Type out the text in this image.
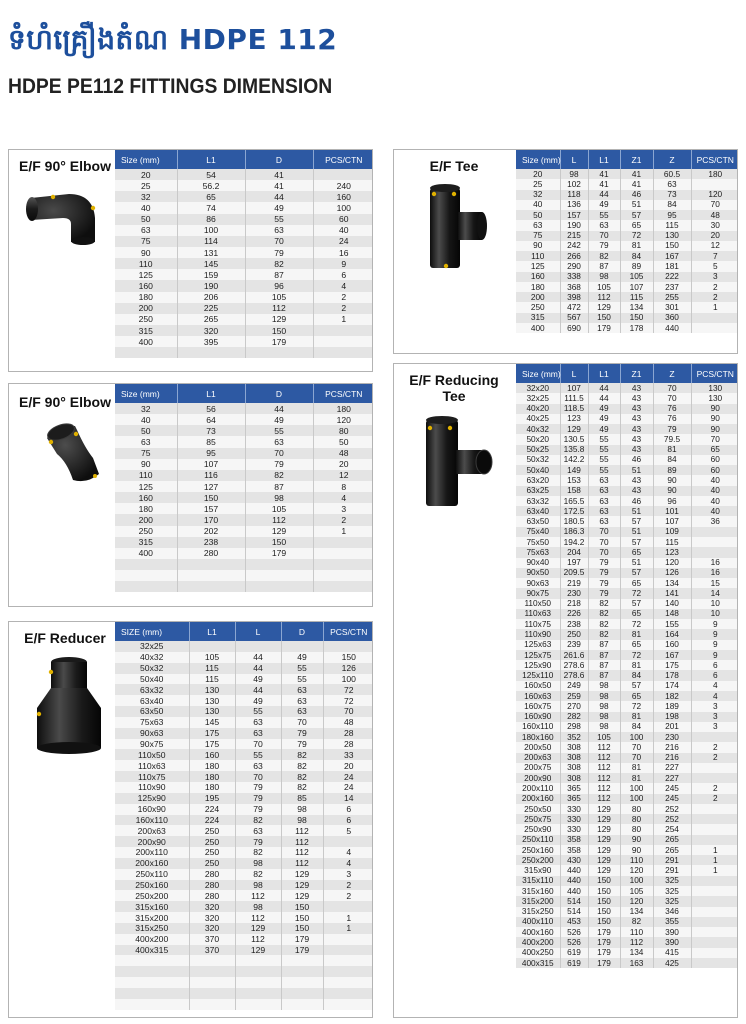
ទំហំគ្រឿងតំណ HDPE 112
HDPE PE112 FITTINGS DIMENSION
E/F 90° Elbow	Size (mm)	L1	D	PCS/CTN
20	54	41	
25	56.2	41	240
32	65	44	160
40	74	49	100
50	86	55	60
63	100	63	40
75	114	70	24
90	131	79	16
110	145	82	9
125	159	87	6
160	190	96	4
180	206	105	2
200	225	112	2
250	265	129	1
315	320	150	
400	395	179	

E/F 90° Elbow
Size (mm)	L1	D	PCS/CTN
32	56	44	180
40	64	49	120
50	73	55	80
63	85	63	50
75	95	70	48
90	107	79	20
110	116	82	12
125	127	87	8
160	150	98	4
180	157	105	3
200	170	112	2
250	202	129	1
315	238	150	
400	280	179	

E/F Reducer	SIZE (mm)	L1	L	D	PCS/CTN
32x25				
40x32	105	44	49	150
50x32	115	44	55	126
50x40	115	49	55	100
63x32	130	44	63	72
63x40	130	49	63	72
63x50	130	55	63	70
75x63	145	63	70	48
90x63	175	63	79	28
90x75	175	70	79	28
110x50	160	55	82	33
110x63	180	63	82	20
110x75	180	70	82	24
110x90	180	79	82	24
125x90	195	79	85	14
160x90	224	79	98	6
160x110	224	82	98	6
200x63	250	63	112	5
200x90	250	79	112	
200x110	250	82	112	4
200x160	250	98	112	4
250x110	280	82	129	3
250x160	280	98	129	2
250x200	280	112	129	2
315x160	320	98	150	
315x200	320	112	150	1
315x250	320	129	150	1
400x200	370	112	179	
400x315	370	129	179	

E/F Tee	Size (mm)	L	L1	Z1	Z	PCS/CTN
20	98	41	41	60.5	180
25	102	41	41	63	
32	118	44	46	73	120
40	136	49	51	84	70
50	157	55	57	95	48
63	190	63	65	115	30
75	215	70	72	130	20
90	242	79	81	150	12
110	266	82	84	167	7
125	290	87	89	181	5
160	338	98	105	222	3
180	368	105	107	237	2
200	398	112	115	255	2
250	472	129	134	301	1
315	567	150	150	360	
400	690	179	178	440	
E/F Reducing Tee
Size (mm)	L	L1	Z1	Z	PCS/CTN
32x20	107	44	43	70	130
32x25	111.5	44	43	70	130
40x20	118.5	49	43	76	90
40x25	123	49	43	76	90
40x32	129	49	43	79	90
50x20	130.5	55	43	79.5	70
50x25	135.8	55	43	81	65
50x32	142.2	55	46	84	60
50x40	149	55	51	89	60
63x20	153	63	43	90	40
63x25	158	63	43	90	40
63x32	165.5	63	46	96	40
63x40	172.5	63	51	101	40
63x50	180.5	63	57	107	36
75x40	186.3	70	51	109	
75x50	194.2	70	57	115	
75x63	204	70	65	123	
90x40	197	79	51	120	16
90x50	209.5	79	57	126	16
90x63	219	79	65	134	15
90x75	230	79	72	141	14
110x50	218	82	57	140	10
110x63	226	82	65	148	10
110x75	238	82	72	155	9
110x90	250	82	81	164	9
125x63	239	87	65	160	9
125x75	261.6	87	72	167	9
125x90	278.6	87	81	175	6
125x110	278.6	87	84	178	6
160x50	249	98	57	174	4
160x63	259	98	65	182	4
160x75	270	98	72	189	3
160x90	282	98	81	198	3
160x110	298	98	84	201	3
180x160	352	105	100	230	
200x50	308	112	70	216	2
200x63	308	112	70	216	2
200x75	308	112	81	227	
200x90	308	112	81	227	
200x110	365	112	100	245	2
200x160	365	112	100	245	2
250x50	330	129	80	252	
250x75	330	129	80	252	
250x90	330	129	80	254	
250x110	358	129	90	265	
250x160	358	129	90	265	1
250x200	430	129	110	291	1
315x90	440	129	120	291	1
315x110	440	150	100	325	
315x160	440	150	105	325	
315x200	514	150	120	325	
315x250	514	150	134	346	
400x110	453	150	82	355	
400x160	526	179	110	390	
400x200	526	179	112	390	
400x250	619	179	134	415	
400x315	619	179	163	425	
